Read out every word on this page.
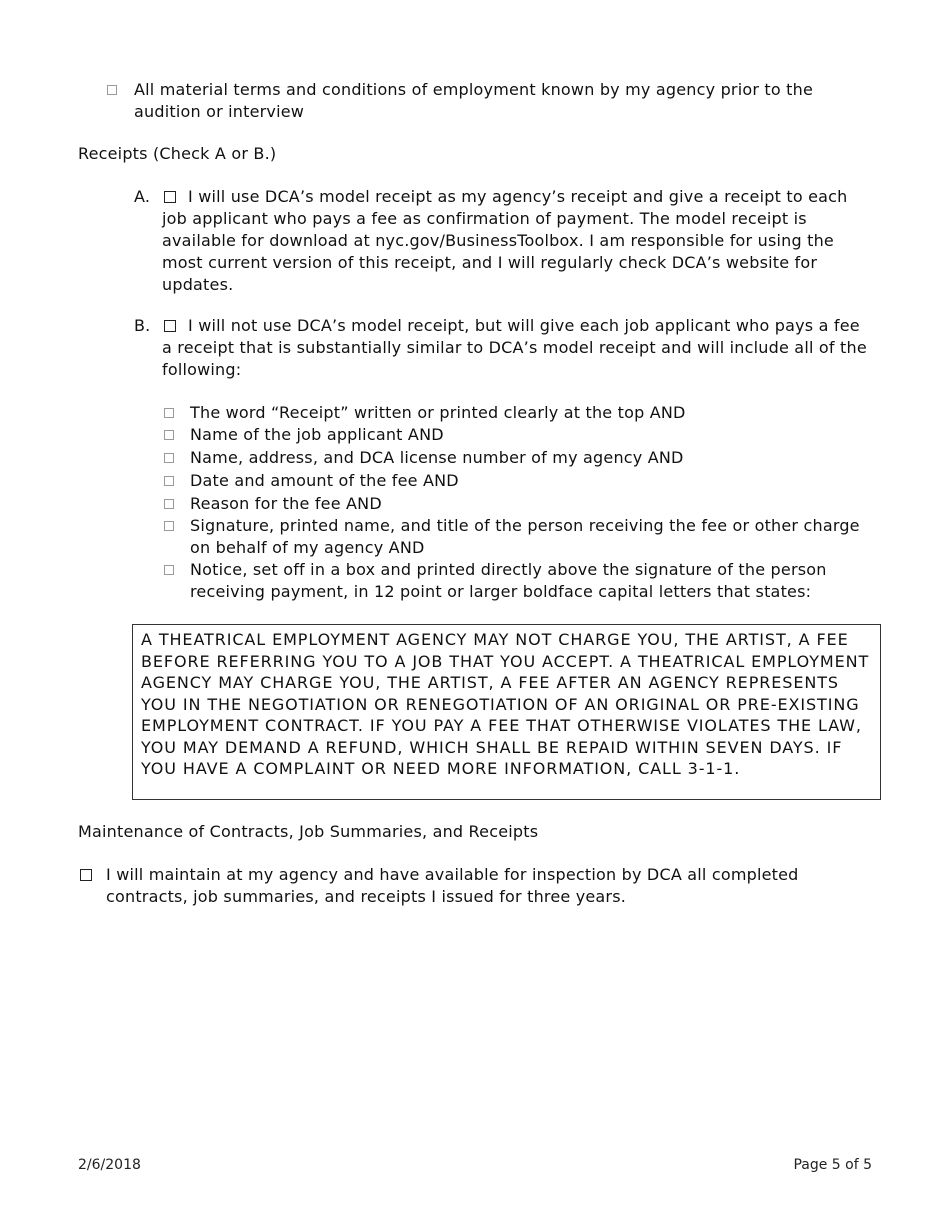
All material terms and conditions of employment known by my agency prior to the audition or interview
Receipts (Check A or B.)
A.	I will use DCA’s model receipt as my agency’s receipt and give a receipt to each job applicant who pays a fee as confirmation of payment. The model receipt is available for download at nyc.gov/BusinessToolbox. I am responsible for using the most current version of this receipt, and I will regularly check DCA’s website for updates.
B.	I will not use DCA’s model receipt, but will give each job applicant who pays a fee a receipt that is substantially similar to DCA’s model receipt and will include all of the following:
The word “Receipt” written or printed clearly at the top AND
Name of the job applicant AND
Name, address, and DCA license number of my agency AND
Date and amount of the fee AND
Reason for the fee AND
Signature, printed name, and title of the person receiving the fee or other charge on behalf of my agency AND
Notice, set off in a box and printed directly above the signature of the person receiving payment, in 12 point or larger boldface capital letters that states:
A THEATRICAL EMPLOYMENT AGENCY MAY NOT CHARGE YOU, THE ARTIST, A FEE BEFORE REFERRING YOU TO A JOB THAT YOU ACCEPT. A THEATRICAL EMPLOYMENT AGENCY MAY CHARGE YOU, THE ARTIST, A FEE AFTER AN AGENCY REPRESENTS YOU IN THE NEGOTIATION OR RENEGOTIATION OF AN ORIGINAL OR PRE-EXISTING EMPLOYMENT CONTRACT. IF YOU PAY A FEE THAT OTHERWISE VIOLATES THE LAW, YOU MAY DEMAND A REFUND, WHICH SHALL BE REPAID WITHIN SEVEN DAYS. IF YOU HAVE A COMPLAINT OR NEED MORE INFORMATION, CALL 3-1-1.
Maintenance of Contracts, Job Summaries, and Receipts
I will maintain at my agency and have available for inspection by DCA all completed contracts, job summaries, and receipts I issued for three years.
2/6/2018	Page 5 of 5
